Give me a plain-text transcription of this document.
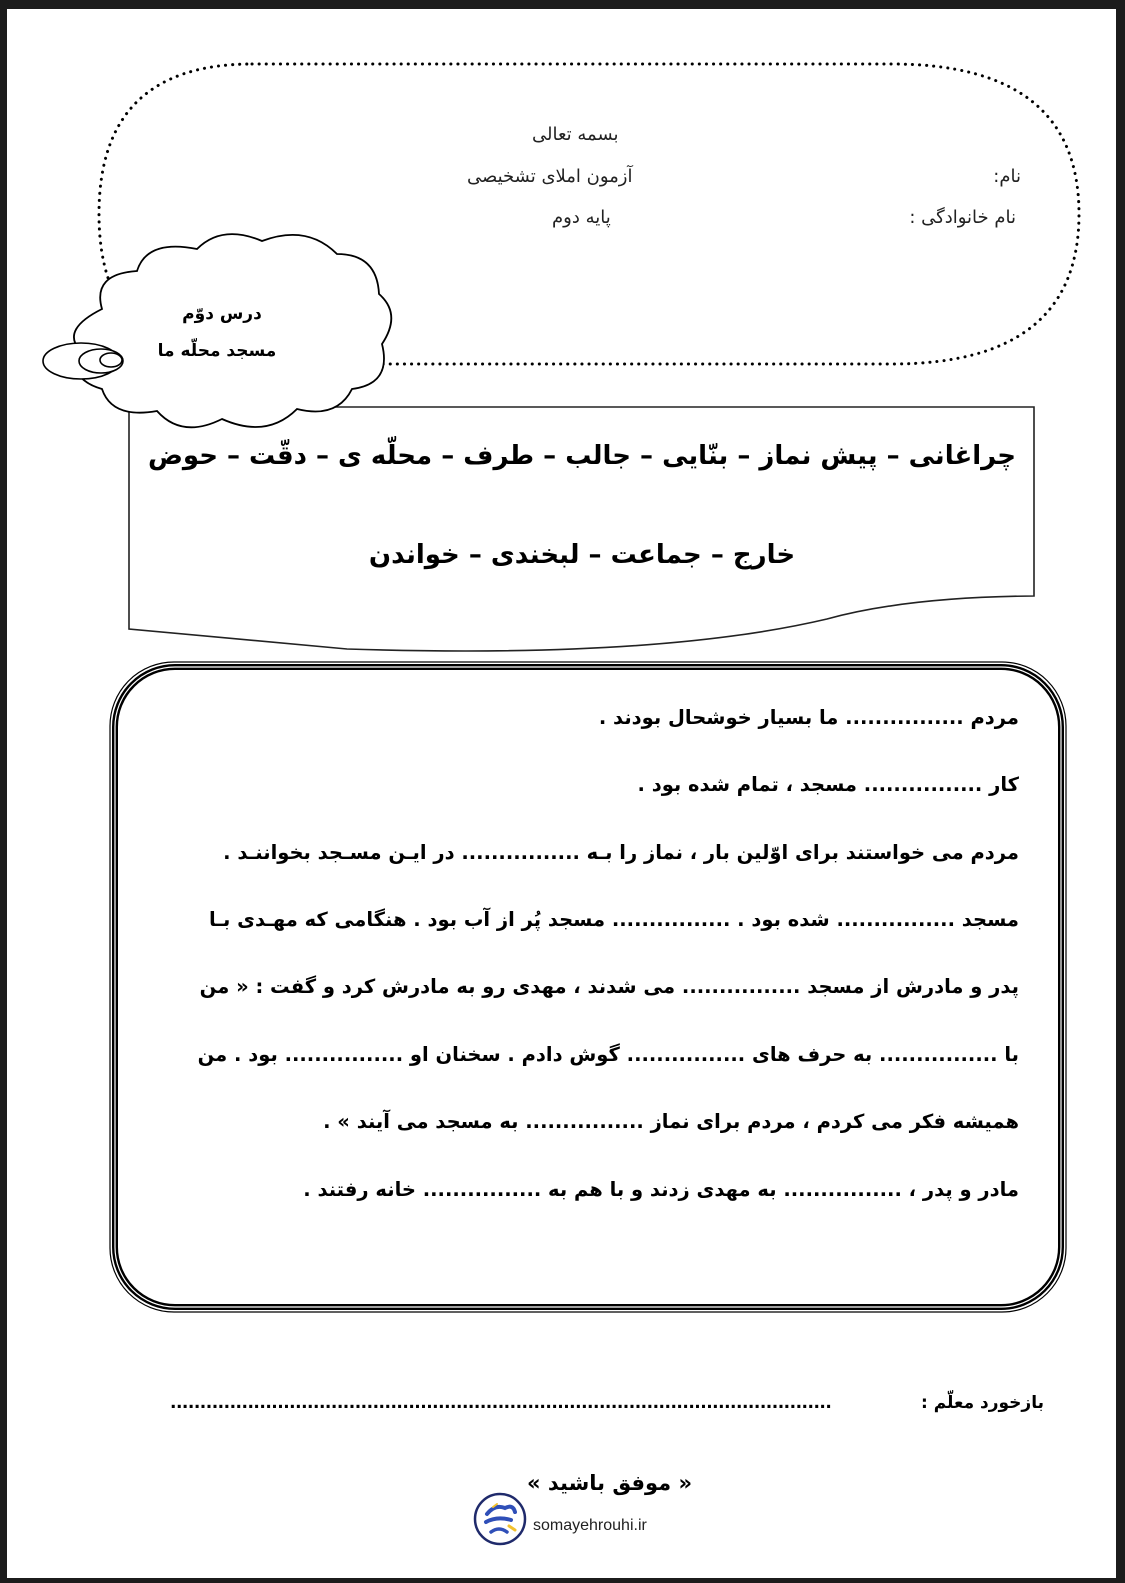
بسمه تعالی
آزمون املای تشخیصی
پایه دوم
نام:
نام خانوادگی :
درس دوّم
مسجد محلّه ما
چراغانی – پیش نماز – بنّایی – جالب – طرف – محلّه ی – دقّت – حوض
خارج – جماعت – لبخندی – خواندن
مردم ................ ما بسیار خوشحال بودند .
کار ................ مسجد ، تمام شده بود .
مردم می خواستند برای اوّلین بار ، نماز را بـه ................ در ایـن مسـجد بخواننـد .
مسجد ................ شده بود . ................ مسجد پُر از آب بود . هنگامی که مهـدی بـا
پدر و مادرش از مسجد ................ می شدند ، مهدی رو به مادرش کرد و گفت : « من
با ................ به حرف های ................ گوش دادم . سخنان او ................ بود . من
همیشه فکر می کردم ، مردم برای نماز ................ به مسجد می آیند » .
مادر و پدر ، ................ به مهدی زدند و با هم به ................ خانه رفتند .
بازخورد معلّم :
...............................................................................................................
« موفق باشید »
somayehrouhi.ir
